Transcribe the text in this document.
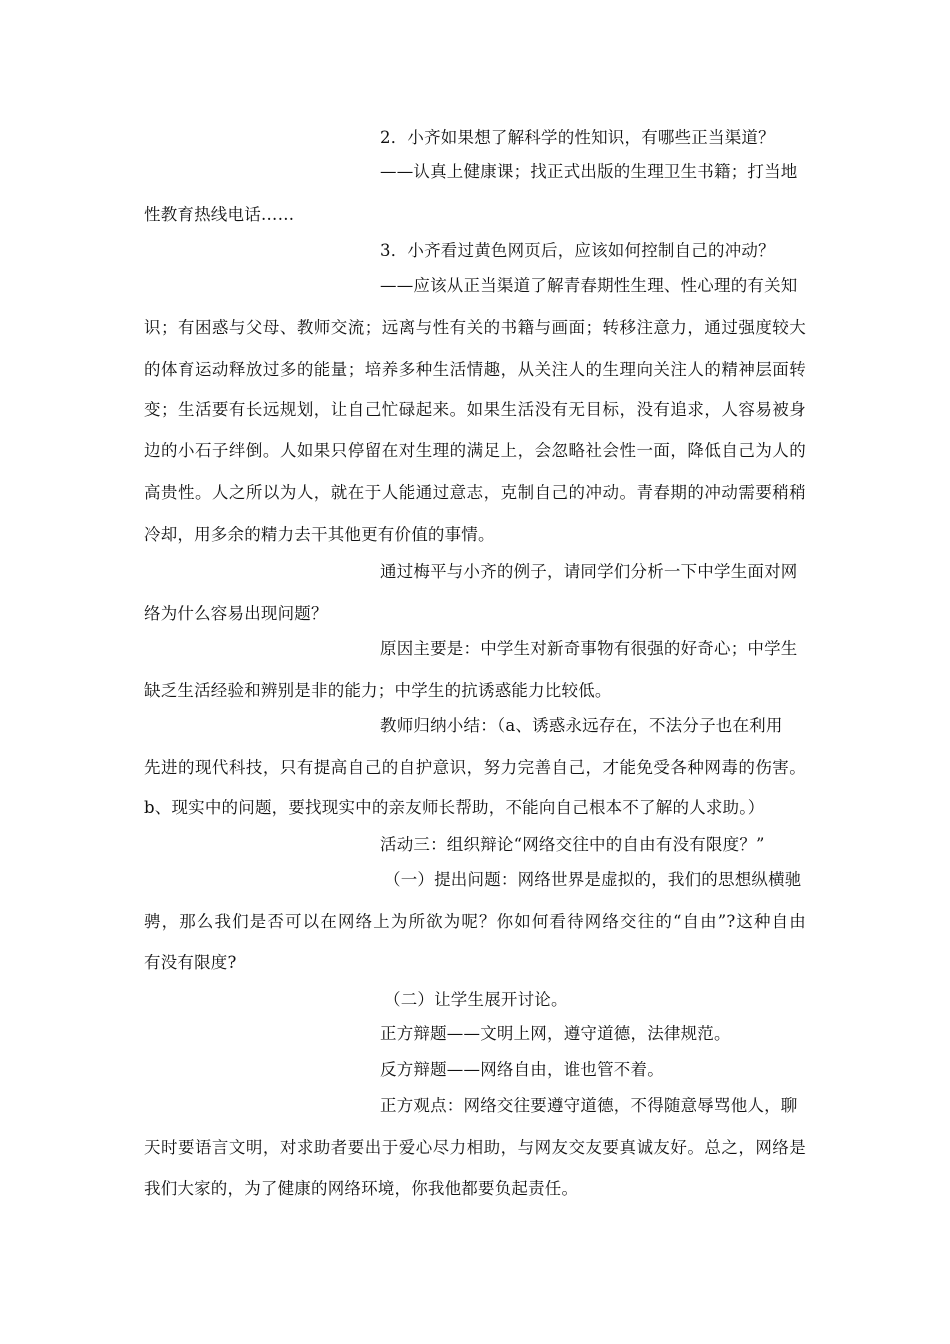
2．小齐如果想了解科学的性知识，有哪些正当渠道？
——认真上健康课；找正式出版的生理卫生书籍；打当地
性教育热线电话……
3．小齐看过黄色网页后，应该如何控制自己的冲动？
——应该从正当渠道了解青春期性生理、性心理的有关知
识；有困惑与父母、教师交流；远离与性有关的书籍与画面；转移注意力，通过强度较大
的体育运动释放过多的能量；培养多种生活情趣，从关注人的生理向关注人的精神层面转
变；生活要有长远规划，让自己忙碌起来。如果生活没有无目标，没有追求，人容易被身
边的小石子绊倒。人如果只停留在对生理的满足上，会忽略社会性一面，降低自己为人的
高贵性。人之所以为人，就在于人能通过意志，克制自己的冲动。青春期的冲动需要稍稍
冷却，用多余的精力去干其他更有价值的事情。
通过梅平与小齐的例子，请同学们分析一下中学生面对网
络为什么容易出现问题？
原因主要是：中学生对新奇事物有很强的好奇心；中学生
缺乏生活经验和辨别是非的能力；中学生的抗诱惑能力比较低。
教师归纳小结：（a、诱惑永远存在，不法分子也在利用
先进的现代科技，只有提高自己的自护意识，努力完善自己，才能免受各种网毒的伤害。
b、现实中的问题，要找现实中的亲友师长帮助，不能向自己根本不了解的人求助。）
活动三：组织辩论“网络交往中的自由有没有限度？”
（一）提出问题：网络世界是虚拟的，我们的思想纵横驰
骋，那么我们是否可以在网络上为所欲为呢？你如何看待网络交往的“自由”?这种自由
有没有限度?
（二）让学生展开讨论。
正方辩题——文明上网，遵守道德，法律规范。
反方辩题——网络自由，谁也管不着。
正方观点：网络交往要遵守道德，不得随意辱骂他人，聊
天时要语言文明，对求助者要出于爱心尽力相助，与网友交友要真诚友好。总之，网络是
我们大家的，为了健康的网络环境，你我他都要负起责任。
